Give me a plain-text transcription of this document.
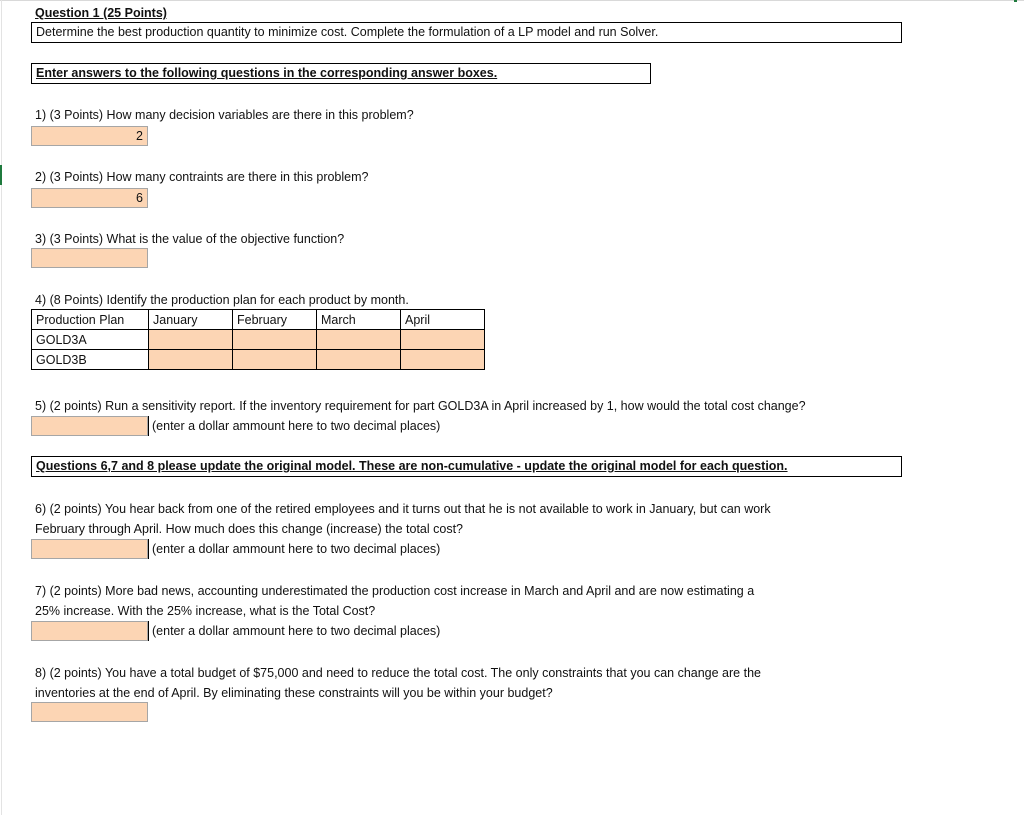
Question 1 (25 Points)
Determine the best production quantity to minimize cost. Complete the formulation of a LP model and run Solver.
Enter answers to the following questions in the corresponding answer boxes.
1) (3 Points) How many decision variables are there in this problem?
2
2) (3 Points) How many contraints are there in this problem?
6
3) (3 Points) What is the value of the objective function?
4) (8 Points) Identify the production plan for each product by month.
Production Plan	January	February	March	April
GOLD3A				
GOLD3B				
5) (2 points) Run a sensitivity report. If the inventory requirement for part GOLD3A in April increased by 1, how would the total cost change?
(enter a dollar ammount here to two decimal places)
Questions 6,7 and 8 please update the original model. These are non-cumulative - update the original model for each question.
6) (2 points) You hear back from one of the retired employees and it turns out that he is not available to work in January, but can work
February through April. How much does this change (increase) the total cost?
(enter a dollar ammount here to two decimal places)
7) (2 points) More bad news, accounting underestimated the production cost increase in March and April and are now estimating a
25% increase. With the 25% increase, what is the Total Cost?
(enter a dollar ammount here to two decimal places)
8) (2 points) You have a total budget of $75,000 and need to reduce the total cost. The only constraints that you can change are the
inventories at the end of April. By eliminating these constraints will you be within your budget?
